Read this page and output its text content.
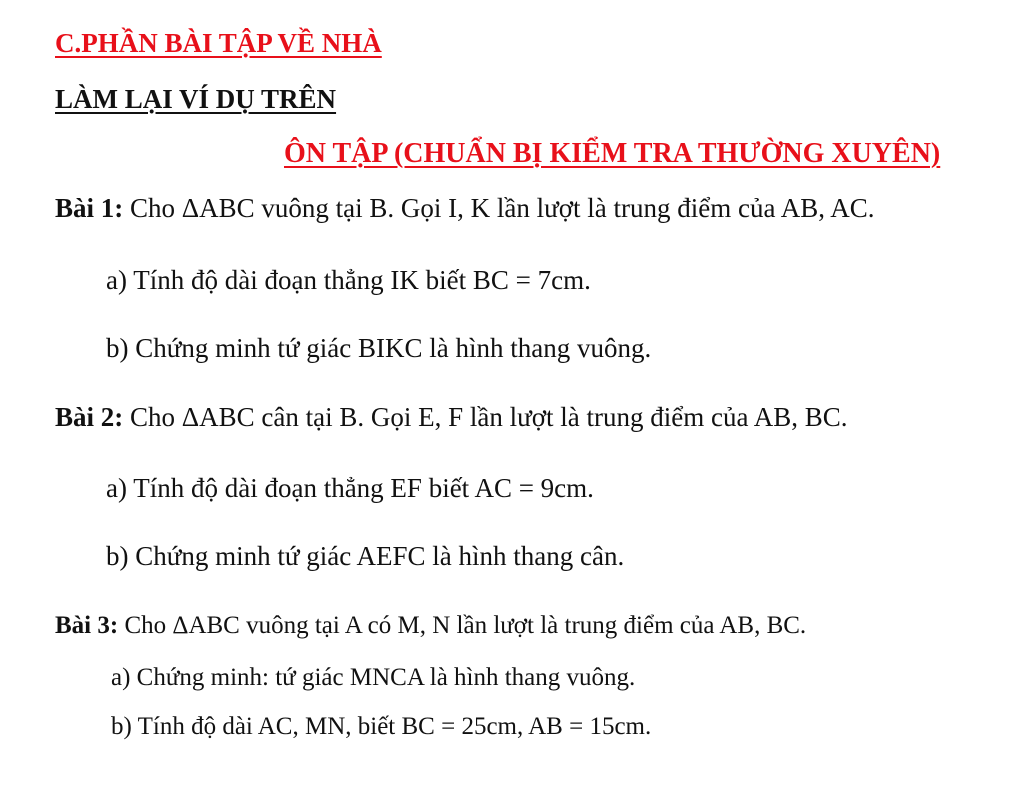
C.PHẦN BÀI TẬP VỀ NHÀ
LÀM LẠI VÍ DỤ TRÊN
ÔN TẬP (CHUẨN BỊ KIỂM TRA THƯỜNG XUYÊN)
Bài 1: Cho ΔABC vuông tại B. Gọi I, K lần lượt là trung điểm của AB, AC.
a) Tính độ dài đoạn thẳng IK biết BC = 7cm.
b) Chứng minh tứ giác BIKC là hình thang vuông.
Bài 2: Cho ΔABC cân tại B. Gọi E, F lần lượt là trung điểm của AB, BC.
a) Tính độ dài đoạn thẳng EF biết AC = 9cm.
b) Chứng minh tứ giác AEFC là hình thang cân.
Bài 3: Cho ΔABC vuông tại A có M, N lần lượt là trung điểm của AB, BC.
a) Chứng minh: tứ giác MNCA là hình thang vuông.
b) Tính độ dài AC, MN, biết BC = 25cm, AB = 15cm.
